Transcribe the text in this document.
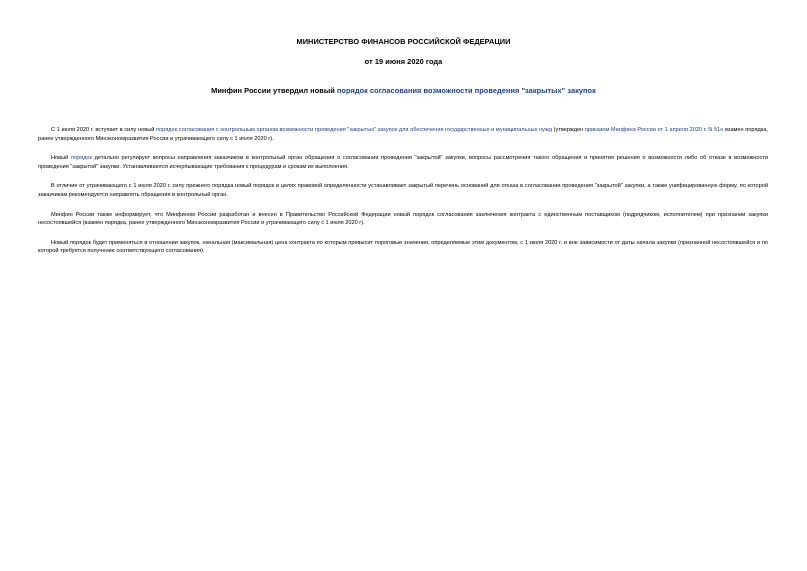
МИНИСТЕРСТВО ФИНАНСОВ РОССИЙСКОЙ ФЕДЕРАЦИИ
от 19 июня 2020 года
Минфин России утвердил новый порядок согласования возможности проведения "закрытых" закупок

С 1 июля 2020 г. вступает в силу новый порядок согласования с контрольным органом возможности проведения "закрытых" закупок для обеспечения государственных и муниципальных нужд (утвержден приказом Минфина России от 1 апреля 2020 г. N 51н взамен порядка, ранее утвержденного Минэкономразвития России и утрачивающего силу с 1 июля 2020 г).

Новый порядок детально регулирует вопросы направления заказчиком в контрольный орган обращения о согласовании проведения "закрытой" закупки, вопросы рассмотрения такого обращения и принятия решения о возможности либо об отказе в возможности проведения "закрытой" закупки. Устанавливаются исчерпывающие требования к процедурам и срокам их выполнения.

В отличие от утрачивающего с 1 июля 2020 г. силу прежнего порядка новый порядок в целях правовой определенности устанавливает закрытый перечень оснований для отказа в согласовании проведения "закрытой" закупки, а также унифицированную форму, по которой заказчикам рекомендуется направлять обращения в контрольный орган.

Минфин России также информирует, что Минфином России разработан и внесен в Правительство Российской Федерации новый порядок согласования заключения контракта с единственным поставщиком (подрядчиком, исполнителем) при признании закупки несостоявшейся (взамен порядка, ранее утвержденного Минэкономразвития России и утрачивающего силу с 1 июля 2020 г).

Новый порядок будет применяться в отношении закупок, начальная (максимальная) цена контракта по которым превысит пороговые значения, определяемые этим документом, с 1 июля 2020 г. и вне зависимости от даты начала закупки (признанной несостоявшейся и по которой требуется получение соответствующего согласования).
